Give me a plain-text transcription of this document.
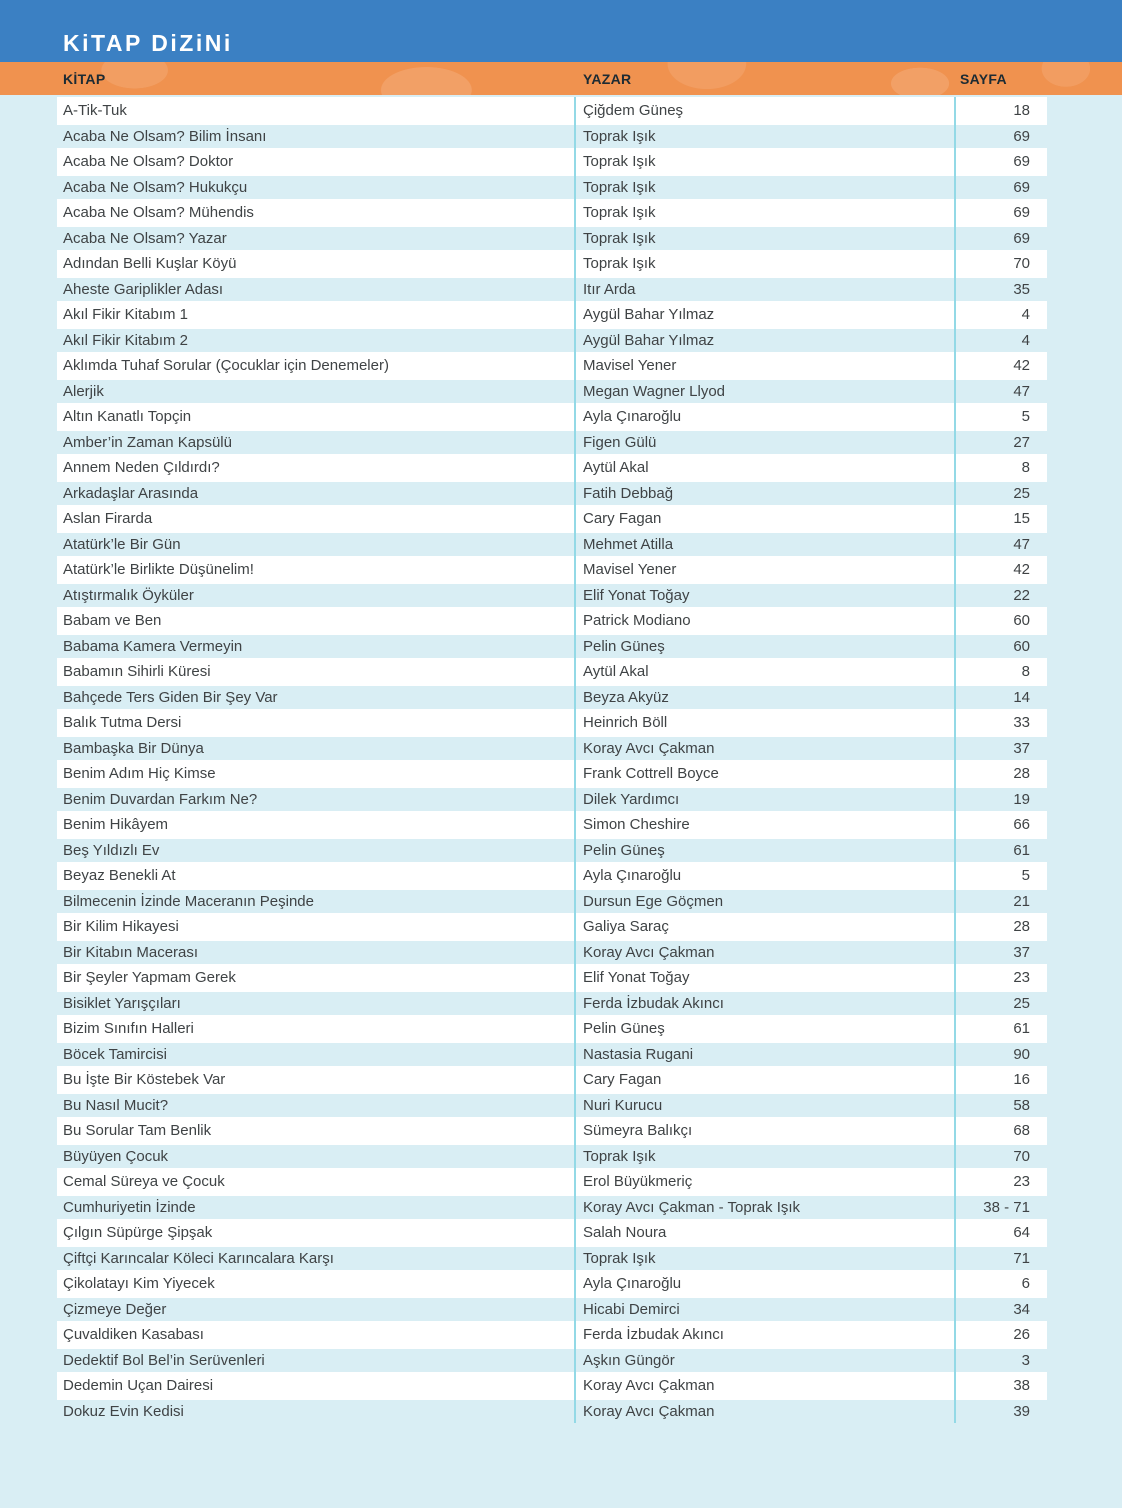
KiTAP DiZiNi
KİTAP	YAZAR	SAYFA
A-Tik-Tuk	Çiğdem Güneş	18
Acaba Ne Olsam? Bilim İnsanı	Toprak Işık	69
Acaba Ne Olsam? Doktor	Toprak Işık	69
Acaba Ne Olsam? Hukukçu	Toprak Işık	69
Acaba Ne Olsam? Mühendis	Toprak Işık	69
Acaba Ne Olsam? Yazar	Toprak Işık	69
Adından Belli Kuşlar Köyü	Toprak Işık	70
Aheste Gariplikler Adası	Itır Arda	35
Akıl Fikir Kitabım 1	Aygül Bahar Yılmaz	4
Akıl Fikir Kitabım 2	Aygül Bahar Yılmaz	4
Aklımda Tuhaf Sorular (Çocuklar için Denemeler)	Mavisel Yener	42
Alerjik	Megan Wagner Llyod	47
Altın Kanatlı Topçin	Ayla Çınaroğlu	5
Amber’in Zaman Kapsülü	Figen Gülü	27
Annem Neden Çıldırdı?	Aytül Akal	8
Arkadaşlar Arasında	Fatih Debbağ	25
Aslan Firarda	Cary Fagan	15
Atatürk’le Bir Gün	Mehmet Atilla	47
Atatürk’le Birlikte Düşünelim!	Mavisel Yener	42
Atıştırmalık Öyküler	Elif Yonat Toğay	22
Babam ve Ben	Patrick Modiano	60
Babama Kamera Vermeyin	Pelin Güneş	60
Babamın Sihirli Küresi	Aytül Akal	8
Bahçede Ters Giden Bir Şey Var	Beyza Akyüz	14
Balık Tutma Dersi	Heinrich Böll	33
Bambaşka Bir Dünya	Koray Avcı Çakman	37
Benim Adım Hiç Kimse	Frank Cottrell Boyce	28
Benim Duvardan Farkım Ne?	Dilek Yardımcı	19
Benim Hikâyem	Simon Cheshire	66
Beş Yıldızlı Ev	Pelin Güneş	61
Beyaz Benekli At	Ayla Çınaroğlu	5
Bilmecenin İzinde Maceranın Peşinde	Dursun Ege Göçmen	21
Bir Kilim Hikayesi	Galiya Saraç	28
Bir Kitabın Macerası	Koray Avcı Çakman	37
Bir Şeyler Yapmam Gerek	Elif Yonat Toğay	23
Bisiklet Yarışçıları	Ferda İzbudak Akıncı	25
Bizim Sınıfın Halleri	Pelin Güneş	61
Böcek Tamircisi	Nastasia Rugani	90
Bu İşte Bir Köstebek Var	Cary Fagan	16
Bu Nasıl Mucit?	Nuri Kurucu	58
Bu Sorular Tam Benlik	Sümeyra Balıkçı	68
Büyüyen Çocuk	Toprak Işık	70
Cemal Süreya ve Çocuk	Erol Büyükmeriç	23
Cumhuriyetin İzinde	Koray Avcı Çakman - Toprak Işık	38 - 71
Çılgın Süpürge Şipşak	Salah Noura	64
Çiftçi Karıncalar Köleci Karıncalara Karşı	Toprak Işık	71
Çikolatayı Kim Yiyecek	Ayla Çınaroğlu	6
Çizmeye Değer	Hicabi Demirci	34
Çuvaldiken Kasabası	Ferda İzbudak Akıncı	26
Dedektif Bol Bel’in Serüvenleri	Aşkın Güngör	3
Dedemin Uçan Dairesi	Koray Avcı Çakman	38
Dokuz Evin Kedisi	Koray Avcı Çakman	39
